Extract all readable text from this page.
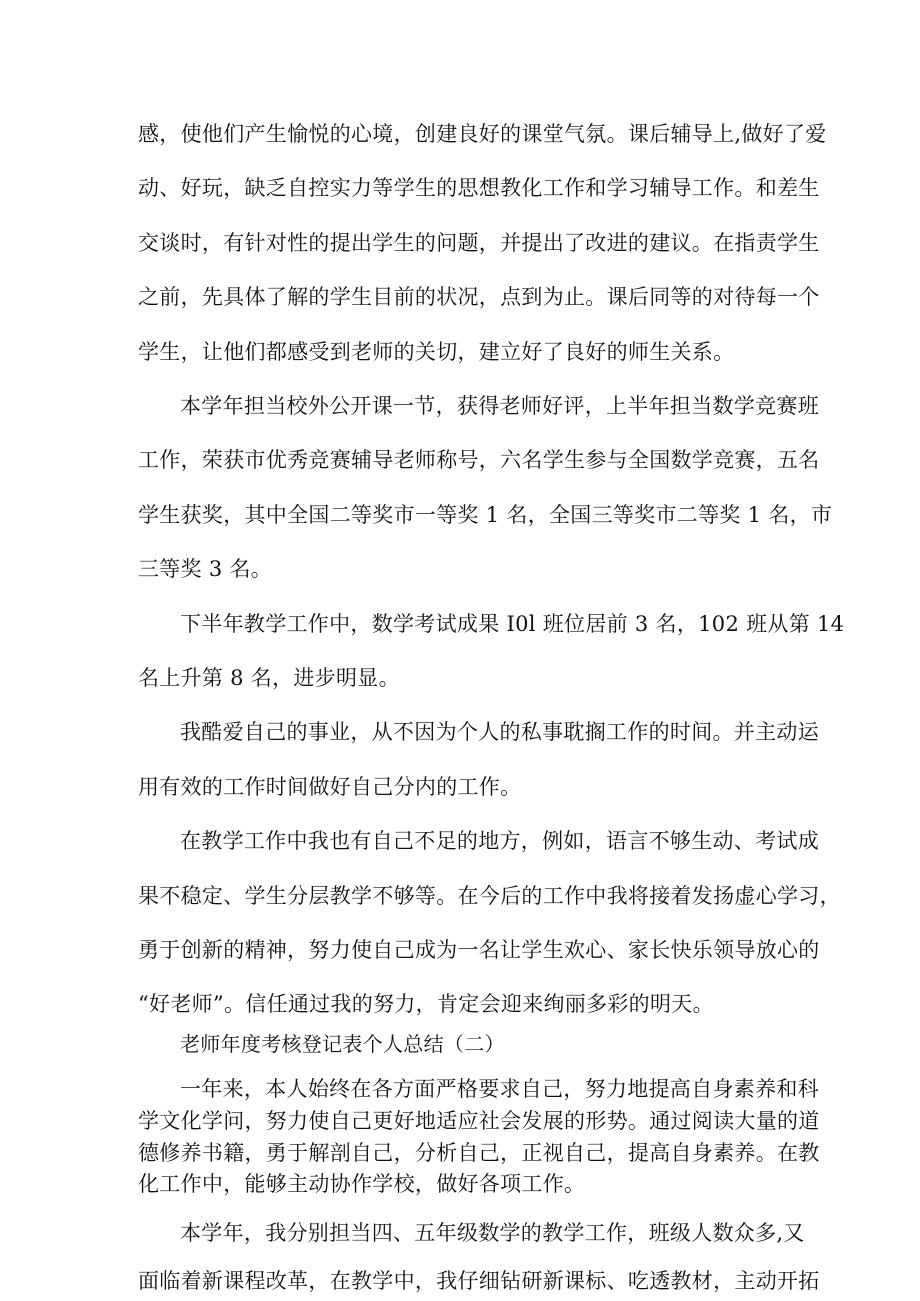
感，使他们产生愉悦的心境，创建良好的课堂气氛。课后辅导上,做好了爱
动、好玩，缺乏自控实力等学生的思想教化工作和学习辅导工作。和差生
交谈时，有针对性的提出学生的问题，并提出了改进的建议。在指责学生
之前，先具体了解的学生目前的状况，点到为止。课后同等的对待每一个
学生，让他们都感受到老师的关切，建立好了良好的师生关系。
本学年担当校外公开课一节，获得老师好评，上半年担当数学竞赛班
工作，荣获市优秀竞赛辅导老师称号，六名学生参与全国数学竞赛，五名
学生获奖，其中全国二等奖市一等奖 1 名，全国三等奖市二等奖 1 名，市
三等奖 3 名。
下半年教学工作中，数学考试成果 I0l 班位居前 3 名，102 班从第 14
名上升第 8 名，进步明显。
我酷爱自己的事业，从不因为个人的私事耽搁工作的时间。并主动运
用有效的工作时间做好自己分内的工作。
在教学工作中我也有自己不足的地方，例如，语言不够生动、考试成
果不稳定、学生分层教学不够等。在今后的工作中我将接着发扬虚心学习，
勇于创新的精神，努力使自己成为一名让学生欢心、家长快乐领导放心的
“好老师”。信任通过我的努力，肯定会迎来绚丽多彩的明天。
老师年度考核登记表个人总结（二）
一年来，本人始终在各方面严格要求自己，努力地提高自身素养和科
学文化学问，努力使自己更好地适应社会发展的形势。通过阅读大量的道
德修养书籍，勇于解剖自己，分析自己，正视自己，提高自身素养。在教
化工作中，能够主动协作学校，做好各项工作。
本学年，我分别担当四、五年级数学的教学工作，班级人数众多,又
面临着新课程改革，在教学中，我仔细钻研新课标、吃透教材，主动开拓
